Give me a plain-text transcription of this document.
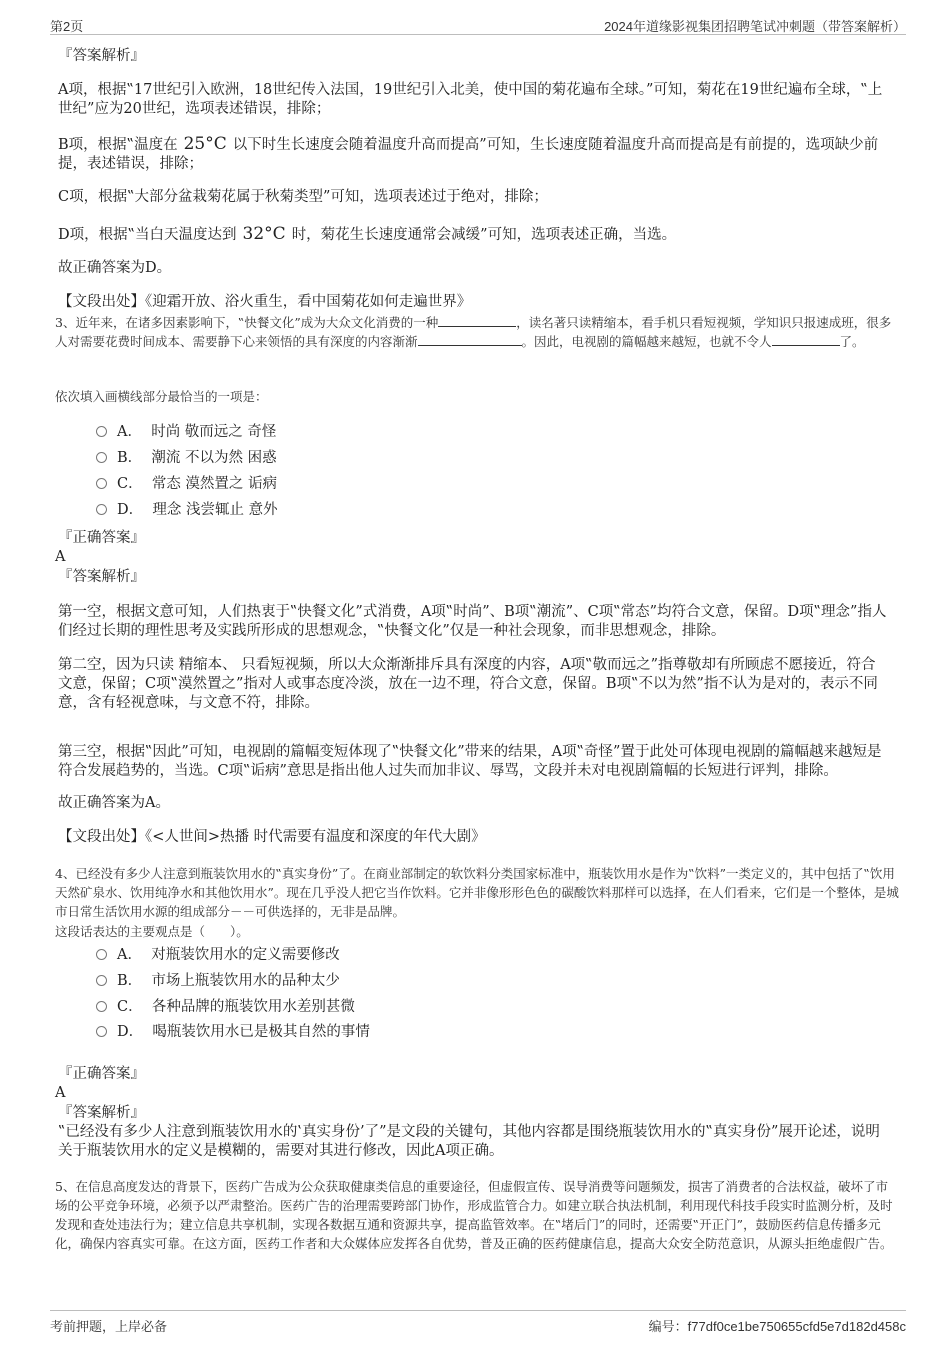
第2页	2024年道缘影视集团招聘笔试冲刺题（带答案解析）
『答案解析』
A项，根据‟17世纪引入欧洲，18世纪传入法国，19世纪引入北美，使中国的菊花遍布全球。”可知，菊花在19世纪遍布全球，‟上世纪”应为20世纪，选项表述错误，排除；
B项，根据‟温度在 25°C 以下时生长速度会随着温度升高而提高”可知，生长速度随着温度升高而提高是有前提的，选项缺少前提，表述错误，排除；
C项，根据‟大部分盆栽菊花属于秋菊类型”可知，选项表述过于绝对，排除；
D项，根据‟当白天温度达到 32°C 时，菊花生长速度通常会减缓”可知，选项表述正确，当选。
故正确答案为D。
【文段出处】《迎霜开放、浴火重生，看中国菊花如何走遍世界》
3、近年来，在诸多因素影响下，‟快餐文化”成为大众文化消费的一种	，读名著只读精缩本，看手机只看短视频，学知识只报速成班，很多人对需要花费时间成本、需要静下心来领悟的具有深度的内容渐渐	。因此，电视剧的篇幅越来越短，也就不令人	了。
依次填入画横线部分最恰当的一项是：
A． 时尚 敬而远之 奇怪
B． 潮流 不以为然 困惑
C． 常态 漠然置之 诟病
D． 理念 浅尝辄止 意外
『正确答案』
A
『答案解析』
第一空，根据文意可知，人们热衷于‟快餐文化”式消费，A项‟时尚”、B项‟潮流”、C项‟常态”均符合文意，保留。D项‟理念”指人们经过长期的理性思考及实践所形成的思想观念，‟快餐文化”仅是一种社会现象，而非思想观念，排除。
第二空，因为只读 精缩本、 只看短视频，所以大众渐渐排斥具有深度的内容，A项‟敬而远之”指尊敬却有所顾虑不愿接近，符合文意，保留；C项‟漠然置之”指对人或事态度冷淡，放在一边不理，符合文意，保留。B项‟不以为然”指不认为是对的，表示不同意，含有轻视意味，与文意不符，排除。
第三空，根据‟因此”可知，电视剧的篇幅变短体现了‟快餐文化”带来的结果，A项‟奇怪”置于此处可体现电视剧的篇幅越来越短是符合发展趋势的，当选。C项‟诟病”意思是指出他人过失而加非议、辱骂，文段并未对电视剧篇幅的长短进行评判，排除。
故正确答案为A。
【文段出处】《<人世间>热播 时代需要有温度和深度的年代大剧》
4、已经没有多少人注意到瓶装饮用水的‟真实身份”了。在商业部制定的软饮料分类国家标准中，瓶装饮用水是作为‟饮料”一类定义的，其中包括了‟饮用天然矿泉水、饮用纯净水和其他饮用水”。现在几乎没人把它当作饮料。它并非像形形色色的碳酸饮料那样可以选择，在人们看来，它们是一个整体，是城市日常生活饮用水源的组成部分－－可供选择的，无非是品牌。
这段话表达的主要观点是（　　）。
A． 对瓶装饮用水的定义需要修改
B． 市场上瓶装饮用水的品种太少
C． 各种品牌的瓶装饮用水差别甚微
D． 喝瓶装饮用水已是极其自然的事情
『正确答案』
A
『答案解析』
‟已经没有多少人注意到瓶装饮用水的‛真实身份’了”是文段的关键句，其他内容都是围绕瓶装饮用水的‟真实身份”展开论述，说明关于瓶装饮用水的定义是模糊的，需要对其进行修改，因此A项正确。
5、在信息高度发达的背景下，医药广告成为公众获取健康类信息的重要途径，但虚假宣传、误导消费等问题频发，损害了消费者的合法权益，破坏了市场的公平竞争环境，必须予以严肃整治。医药广告的治理需要跨部门协作，形成监管合力。如建立联合执法机制，利用现代科技手段实时监测分析，及时发现和查处违法行为；建立信息共享机制，实现各数据互通和资源共享，提高监管效率。在‟堵后门”的同时，还需要‟开正门”，鼓励医药信息传播多元化，确保内容真实可靠。在这方面，医药工作者和大众媒体应发挥各自优势，普及正确的医药健康信息，提高大众安全防范意识，从源头拒绝虚假广告。
考前押题，上岸必备	编号：f77df0ce1be750655cfd5e7d182d458c
